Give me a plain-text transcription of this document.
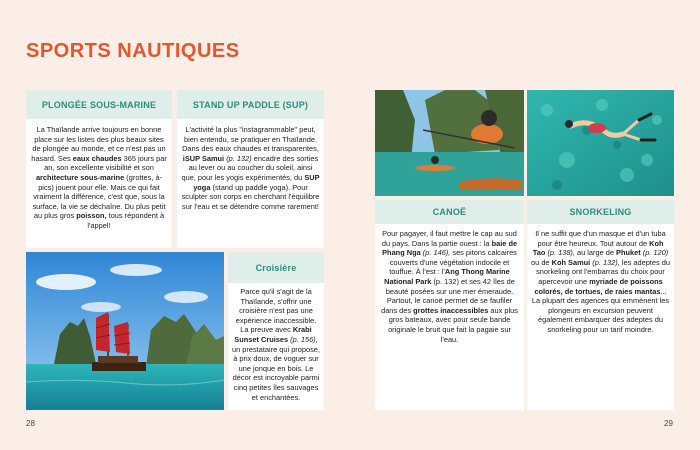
SPORTS NAUTIQUES
PLONGÉE SOUS-MARINE
La Thaïlande arrive toujours en bonne place sur les listes des plus beaux sites de plongée au monde, et ce n'est pas un hasard. Ses eaux chaudes 365 jours par an, son excellente visibilité et son architecture sous-marine (grottes, à-pics) jouent pour elle. Mais ce qui fait vraiment la différence, c'est que, sous la surface, la vie se déchaîne. Du plus petit au plus gros poisson, tous répondent à l'appel!
STAND UP PADDLE (SUP)
L'activité la plus "instagrammable" peut, bien entendu, se pratiquer en Thaïlande. Dans des eaux chaudes et transparentes, iSUP Samui (p. 132) encadre des sorties au lever ou au coucher du soleil, ainsi que, pour les yogis expérimentés, du SUP yoga (stand up paddle yoga). Pour sculpter son corps en cherchant l'équilibre sur l'eau et se détendre comme rarement!
Croisière
Parce qu'il s'agit de la Thaïlande, s'offrir une croisière n'est pas une expérience inaccessible. La preuve avec Krabi Sunset Cruises (p. 156), un prestataire qui propose, à prix doux, de voguer sur une jonque en bois. Le décor est incroyable parmi cinq petites îles sauvages et enchantées.
28
CANOË
Pour pagayer, il faut mettre le cap au sud du pays. Dans la partie ouest : la baie de Phang Nga (p. 146), ses pitons calcaires couverts d'une végétation indocile et touffue. À l'est : l'Ang Thong Marine National Park (p. 132) et ses 42 îles de beauté posées sur une mer émeraude. Partout, le canoë permet de se faufiler dans des grottes inaccessibles aux plus gros bateaux, avec pour seule bande originale le bruit que fait la pagaie sur l'eau.
SNORKELING
Il ne suffit que d'un masque et d'un tuba pour être heureux. Tout autour de Koh Tao (p. 138), au large de Phuket (p. 120) ou de Koh Samui (p. 132), les adeptes du snorkeling ont l'embarras du choix pour apercevoir une myriade de poissons colorés, de tortues, de raies mantas... La plupart des agences qui emmènent les plongeurs en excursion peuvent également embarquer des adeptes du snorkeling pour un tarif moindre.
29
